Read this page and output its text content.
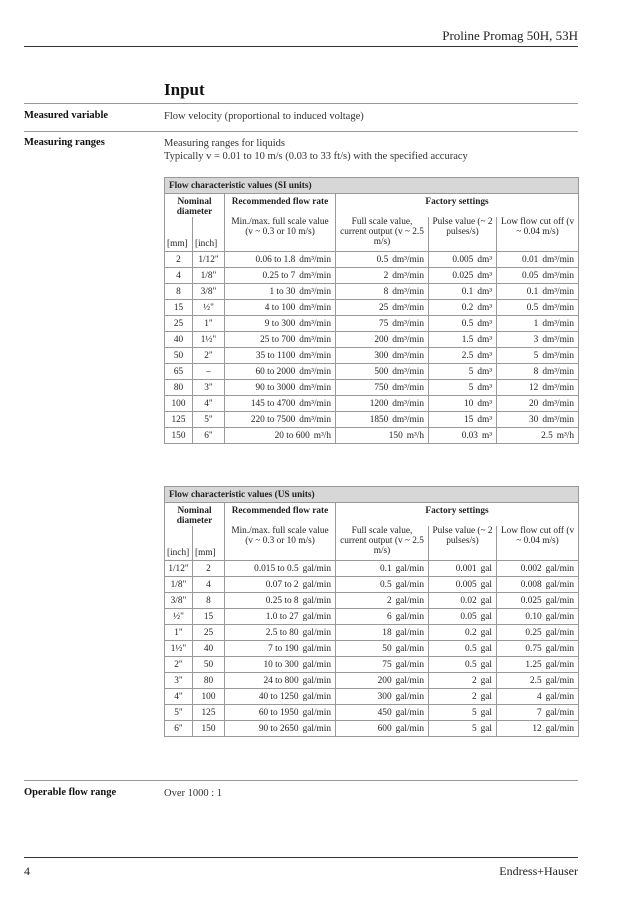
Proline Promag 50H, 53H
Input
Measured variable	Flow velocity (proportional to induced voltage)
Measuring ranges	Measuring ranges for liquids
Typically v = 0.01 to 10 m/s (0.03 to 33 ft/s) with the specified accuracy
Flow characteristic values (SI units)					
Nominal diameter		Recommended flow rate	Factory settings		
[mm]	[inch]	Min./max. full scale value (v ~ 0.3 or 10 m/s)	Full scale value, current output (v ~ 2.5 m/s)	Pulse value (~ 2 pulses/s)	Low flow cut off (v ~ 0.04 m/s)
2	1/12"	0.06 to 1.8 dm³/min	0.5 dm³/min	0.005 dm³	0.01 dm³/min
4	1/8"	0.25 to 7 dm³/min	2 dm³/min	0.025 dm³	0.05 dm³/min
8	3/8"	1 to 30 dm³/min	8 dm³/min	0.1 dm³	0.1 dm³/min
15	½"	4 to 100 dm³/min	25 dm³/min	0.2 dm³	0.5 dm³/min
25	1"	9 to 300 dm³/min	75 dm³/min	0.5 dm³	1 dm³/min
40	1½"	25 to 700 dm³/min	200 dm³/min	1.5 dm³	3 dm³/min
50	2"	35 to 1100 dm³/min	300 dm³/min	2.5 dm³	5 dm³/min
65	–	60 to 2000 dm³/min	500 dm³/min	5 dm³	8 dm³/min
80	3"	90 to 3000 dm³/min	750 dm³/min	5 dm³	12 dm³/min
100	4"	145 to 4700 dm³/min	1200 dm³/min	10 dm³	20 dm³/min
125	5"	220 to 7500 dm³/min	1850 dm³/min	15 dm³	30 dm³/min
150	6"	20 to 600 m³/h	150 m³/h	0.03 m³	2.5 m³/h
Flow characteristic values (US units)					
Nominal diameter		Recommended flow rate	Factory settings		
[inch]	[mm]	Min./max. full scale value (v ~ 0.3 or 10 m/s)	Full scale value, current output (v ~ 2.5 m/s)	Pulse value (~ 2 pulses/s)	Low flow cut off (v ~ 0.04 m/s)
1/12"	2	0.015 to 0.5 gal/min	0.1 gal/min	0.001 gal	0.002 gal/min
1/8"	4	0.07 to 2 gal/min	0.5 gal/min	0.005 gal	0.008 gal/min
3/8"	8	0.25 to 8 gal/min	2 gal/min	0.02 gal	0.025 gal/min
½"	15	1.0 to 27 gal/min	6 gal/min	0.05 gal	0.10 gal/min
1"	25	2.5 to 80 gal/min	18 gal/min	0.2 gal	0.25 gal/min
1½"	40	7 to 190 gal/min	50 gal/min	0.5 gal	0.75 gal/min
2"	50	10 to 300 gal/min	75 gal/min	0.5 gal	1.25 gal/min
3"	80	24 to 800 gal/min	200 gal/min	2 gal	2.5 gal/min
4"	100	40 to 1250 gal/min	300 gal/min	2 gal	4 gal/min
5"	125	60 to 1950 gal/min	450 gal/min	5 gal	7 gal/min
6"	150	90 to 2650 gal/min	600 gal/min	5 gal	12 gal/min
Operable flow range	Over 1000 : 1
4	Endress+Hauser
